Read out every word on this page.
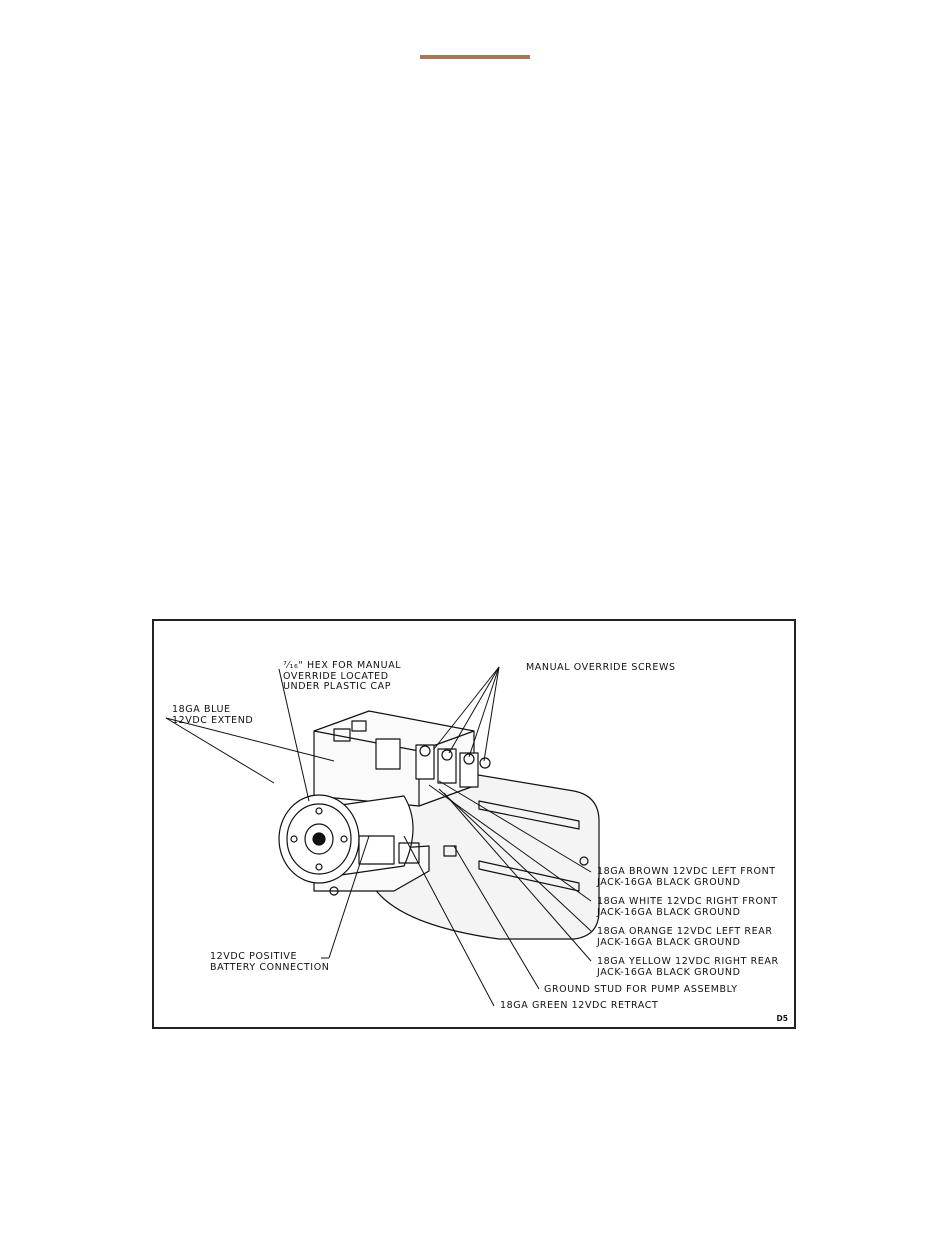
⁷⁄₁₆" HEX FOR MANUAL
OVERRIDE LOCATED
UNDER PLASTIC CAP
MANUAL OVERRIDE SCREWS
18GA BLUE
12VDC EXTEND
18GA BROWN 12VDC LEFT FRONT
JACK-16GA BLACK GROUND
18GA WHITE 12VDC RIGHT FRONT
JACK-16GA BLACK GROUND
18GA ORANGE 12VDC LEFT REAR
JACK-16GA BLACK GROUND
18GA YELLOW 12VDC RIGHT REAR
JACK-16GA BLACK GROUND
12VDC POSITIVE
BATTERY CONNECTION
GROUND STUD FOR PUMP ASSEMBLY
18GA GREEN 12VDC RETRACT
D5
